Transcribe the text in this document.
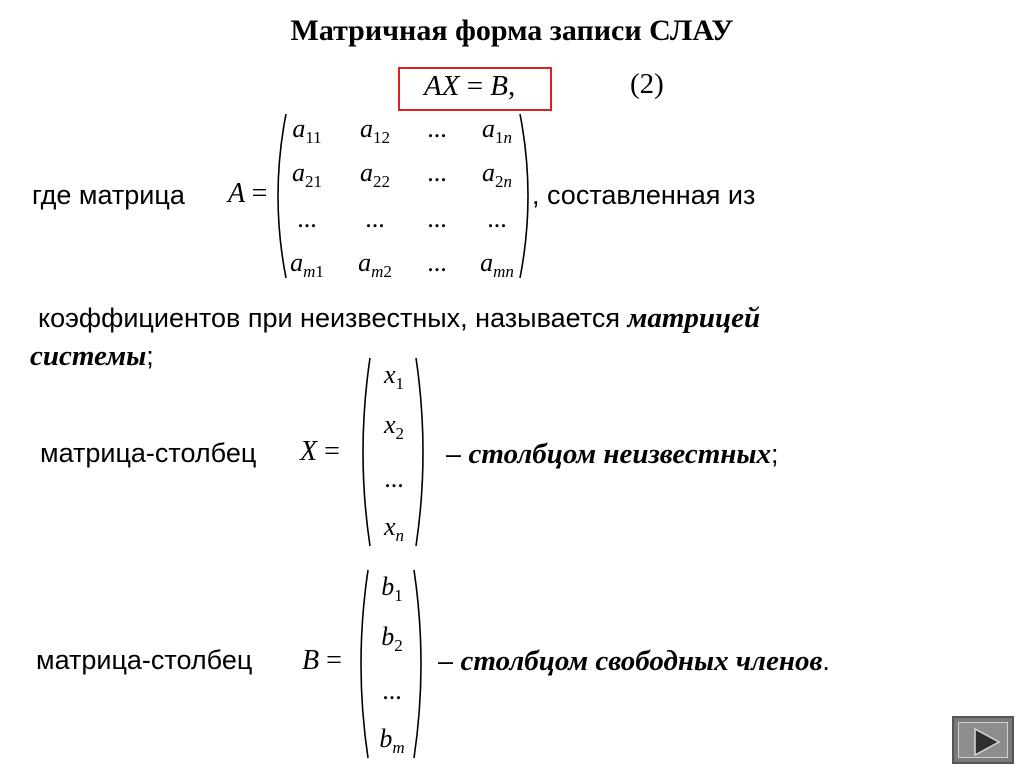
Матричная форма записи СЛАУ
AX = B,	(2)
где матрица A =
$a_{11}$	$a_{12}$	...	$a_{1n}$
$a_{21}$	$a_{22}$	...	$a_{2n}$
...	...	...	...
$a_{m1}$	$a_{m2}$	...	$a_{mn}$
, составленная из
коэффициентов при неизвестных, называется матрицей
системы;
матрица-столбец X =
$x_1$
$x_2$
...
$x_n$
– столбцом неизвестных;
матрица-столбец B =
$b_1$
$b_2$
...
$b_m$
– столбцом свободных членов.
